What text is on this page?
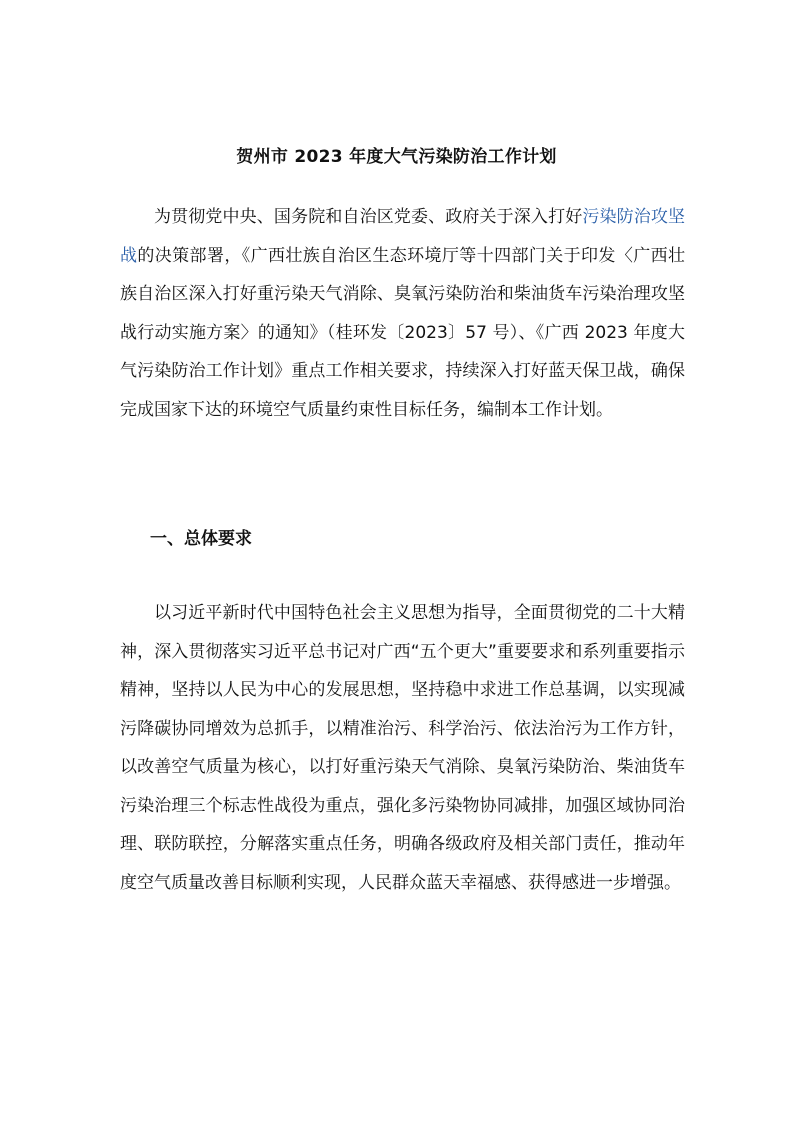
贺州市 2023 年度大气污染防治工作计划

为贯彻党中央、国务院和自治区党委、政府关于深入打好污染防治攻坚战的决策部署，《广西壮族自治区生态环境厅等十四部门关于印发〈广西壮族自治区深入打好重污染天气消除、臭氧污染防治和柴油货车污染治理攻坚战行动实施方案〉的通知》（桂环发〔2023〕57 号）、《广西 2023 年度大气污染防治工作计划》重点工作相关要求，持续深入打好蓝天保卫战，确保完成国家下达的环境空气质量约束性目标任务，编制本工作计划。

一、总体要求

以习近平新时代中国特色社会主义思想为指导，全面贯彻党的二十大精神，深入贯彻落实习近平总书记对广西“五个更大”重要要求和系列重要指示精神，坚持以人民为中心的发展思想，坚持稳中求进工作总基调，以实现减污降碳协同增效为总抓手，以精准治污、科学治污、依法治污为工作方针，以改善空气质量为核心，以打好重污染天气消除、臭氧污染防治、柴油货车污染治理三个标志性战役为重点，强化多污染物协同减排，加强区域协同治理、联防联控，分解落实重点任务，明确各级政府及相关部门责任，推动年度空气质量改善目标顺利实现，人民群众蓝天幸福感、获得感进一步增强。
